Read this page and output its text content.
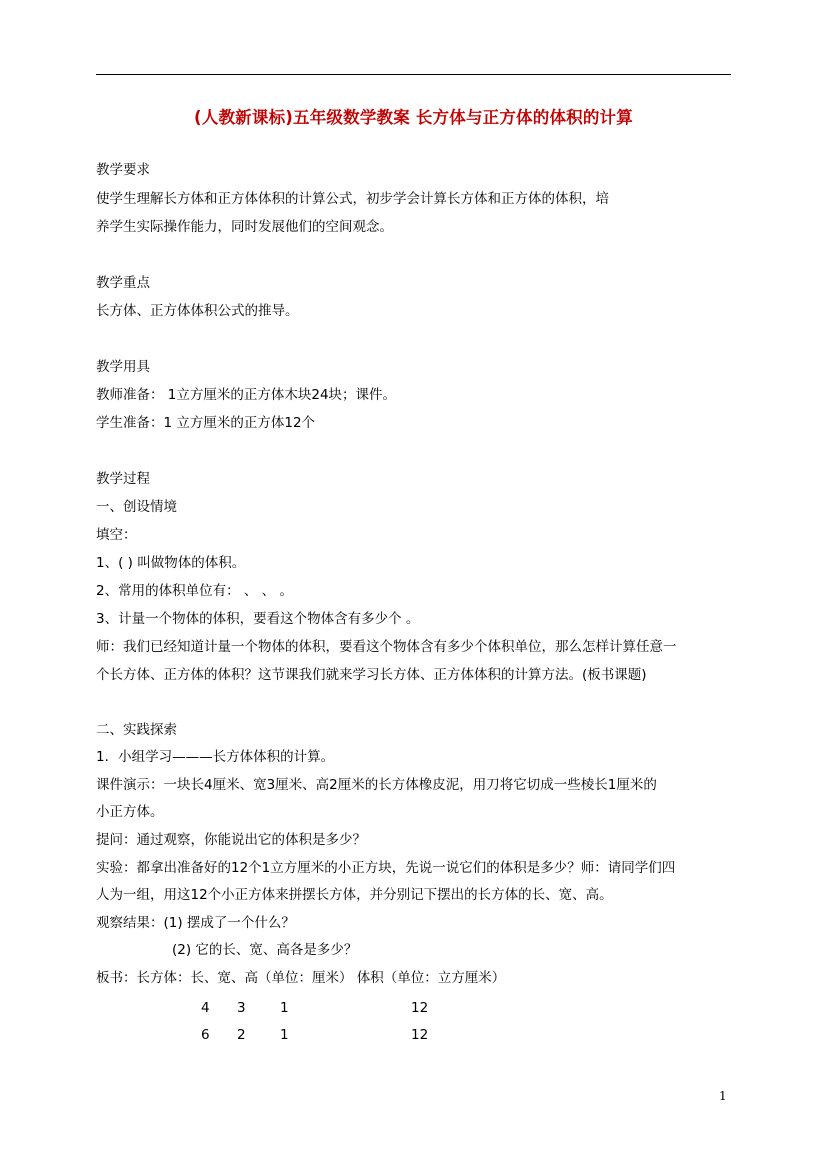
(人教新课标)五年级数学教案 长方体与正方体的体积的计算
教学要求
使学生理解长方体和正方体体积的计算公式，初步学会计算长方体和正方体的体积，培
养学生实际操作能力，同时发展他们的空间观念。
教学重点
长方体、正方体体积公式的推导。
教学用具
教师准备： 1立方厘米的正方体木块24块；课件。
学生准备：1 立方厘米的正方体12个
教学过程
一、创设情境
填空：
1、( ) 叫做物体的体积。
2、常用的体积单位有： 、 、 。
3、计量一个物体的体积，要看这个物体含有多少个 。
师：我们已经知道计量一个物体的体积，要看这个物体含有多少个体积单位，那么怎样计算任意一
个长方体、正方体的体积？这节课我们就来学习长方体、正方体体积的计算方法。(板书课题)
二、实践探索
1．小组学习———长方体体积的计算。
课件演示：一块长4厘米、宽3厘米、高2厘米的长方体橡皮泥，用刀将它切成一些棱长1厘米的
小正方体。
提问：通过观察，你能说出它的体积是多少？
实验：都拿出准备好的12个1立方厘米的小正方块，先说一说它们的体积是多少？师：请同学们四
人为一组，用这12个小正方体来拼摆长方体，并分别记下摆出的长方体的长、宽、高。
观察结果：(1) 摆成了一个什么？
(2) 它的长、宽、高各是多少？
板书：长方体：长、宽、高（单位：厘米） 体积（单位：立方厘米）
4 3	1	12
6 2	1	12
1
